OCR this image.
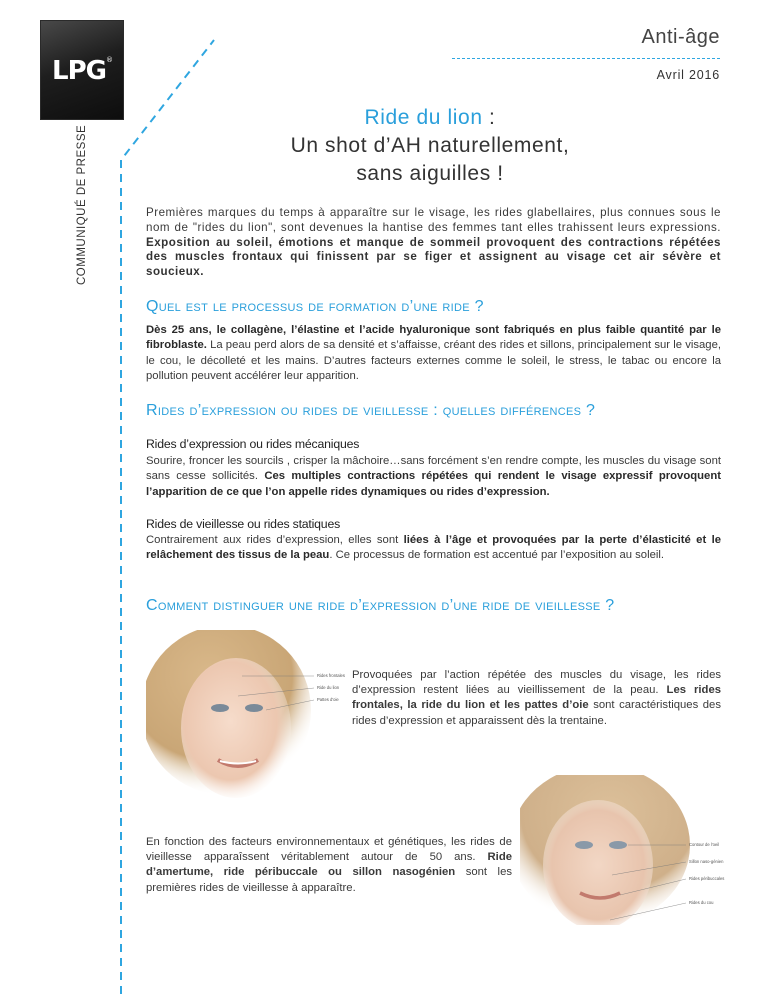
LPG®
COMMUNIQUÉ DE PRESSE
Anti-âge
Avril 2016
Ride du lion :
Un shot d’AH naturellement,
sans aiguilles !
Premières marques du temps à apparaître sur le visage, les rides glabellaires, plus connues sous le nom de "rides du lion", sont devenues la hantise des femmes tant elles trahissent leurs expressions. Exposition au soleil, émotions et manque de sommeil provoquent des contractions répétées des muscles frontaux qui finissent par se figer et assignent au visage cet air sévère et soucieux.
Quel est le processus de formation d’une ride ?
Dès 25 ans, le collagène, l’élastine et l’acide hyaluronique sont fabriqués en plus faible quantité par le fibroblaste. La peau perd alors de sa densité et s’affaisse, créant des rides et sillons, principalement sur le visage, le cou, le décolleté et les mains. D’autres facteurs externes comme le soleil, le stress, le tabac ou encore la pollution peuvent accélérer leur apparition.
Rides d’expression ou rides de vieillesse : quelles différences ?
Rides d’expression ou rides mécaniques
Sourire, froncer les sourcils , crisper la mâchoire…sans forcément s’en rendre compte, les muscles du visage sont sans cesse sollicités. Ces multiples contractions répétées qui rendent le visage expressif provoquent l’apparition de ce que l’on appelle rides dynamiques ou rides d’expression.
Rides de vieillesse ou rides statiques
Contrairement aux rides d’expression, elles sont liées à l’âge et provoquées par la perte d’élasticité et le relâchement des tissus de la peau. Ce processus de formation est accentué par l’exposition au soleil.
Comment distinguer une ride d’expression d’une ride de vieillesse ?
Rides frontales
Ride du lion
Pattes d'oie
Provoquées par l’action répétée des muscles du visage, les rides d’expression restent liées au vieillissement de la peau. Les rides frontales, la ride du lion et les pattes d’oie sont caractéristiques des rides d’expression et apparaissent dès la trentaine.
En fonction des facteurs environnementaux et génétiques, les rides de vieillesse apparaîssent véritablement autour de 50 ans. Ride d’amertume, ride péribuccale ou sillon nasogénien sont les premières rides de vieillesse à apparaître.
Contour de l'oeil
Sillon naso-génien
Rides péribuccales
Rides du cou
